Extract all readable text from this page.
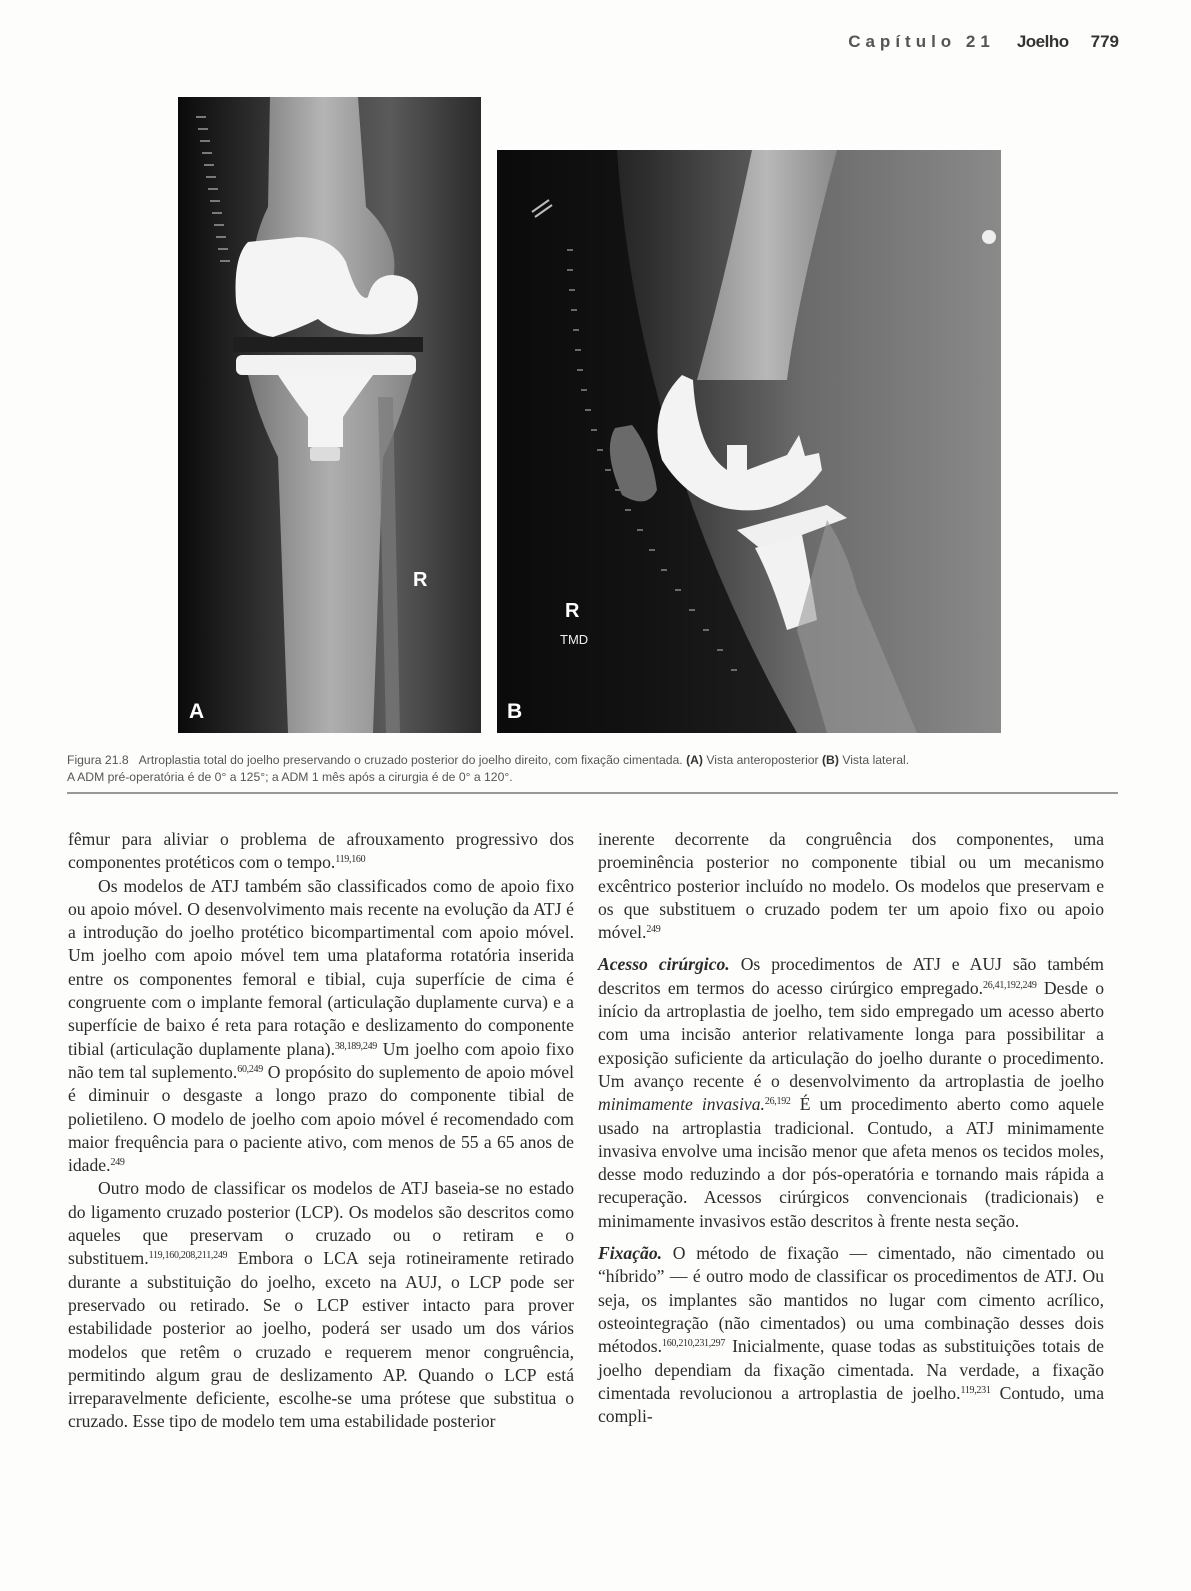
Capítulo 21 Joelho 779
R
A
R
TMD
B
Figura 21.8 Artroplastia total do joelho preservando o cruzado posterior do joelho direito, com fixação cimentada. (A) Vista anteroposterior (B) Vista lateral.
A ADM pré-operatória é de 0° a 125°; a ADM 1 mês após a cirurgia é de 0° a 120°.

fêmur para aliviar o problema de afrouxamento progressivo dos componentes protéticos com o tempo.$^{119,160}$

Os modelos de ATJ também são classificados como de apoio fixo ou apoio móvel. O desenvolvimento mais recente na evolução da ATJ é a introdução do joelho protético bicompartimental com apoio móvel. Um joelho com apoio móvel tem uma plataforma rotatória inserida entre os componentes femoral e tibial, cuja superfície de cima é congruente com o implante femoral (articulação duplamente curva) e a superfície de baixo é reta para rotação e deslizamento do componente tibial (articulação duplamente plana).$^{38,189,249}$ Um joelho com apoio fixo não tem tal suplemento.$^{60,249}$ O propósito do suplemento de apoio móvel é diminuir o desgaste a longo prazo do componente tibial de polietileno. O modelo de joelho com apoio móvel é recomendado com maior frequência para o paciente ativo, com menos de 55 a 65 anos de idade.$^{249}$

Outro modo de classificar os modelos de ATJ baseia-se no estado do ligamento cruzado posterior (LCP). Os modelos são descritos como aqueles que preservam o cruzado ou o retiram e o substituem.$^{119,160,208,211,249}$ Embora o LCA seja rotineiramente retirado durante a substituição do joelho, exceto na AUJ, o LCP pode ser preservado ou retirado. Se o LCP estiver intacto para prover estabilidade posterior ao joelho, poderá ser usado um dos vários modelos que retêm o cruzado e requerem menor congruência, permitindo algum grau de deslizamento AP. Quando o LCP está irreparavelmente deficiente, escolhe-se uma prótese que substitua o cruzado. Esse tipo de modelo tem uma estabilidade posterior

inerente decorrente da congruência dos componentes, uma proeminência posterior no componente tibial ou um mecanismo excêntrico posterior incluído no modelo. Os modelos que preservam e os que substituem o cruzado podem ter um apoio fixo ou apoio móvel.$^{249}$

Acesso cirúrgico. Os procedimentos de ATJ e AUJ são também descritos em termos do acesso cirúrgico empregado.$^{26,41,192,249}$ Desde o início da artroplastia de joelho, tem sido empregado um acesso aberto com uma incisão anterior relativamente longa para possibilitar a exposição suficiente da articulação do joelho durante o procedimento. Um avanço recente é o desenvolvimento da artroplastia de joelho minimamente invasiva.$^{26,192}$ É um procedimento aberto como aquele usado na artroplastia tradicional. Contudo, a ATJ minimamente invasiva envolve uma incisão menor que afeta menos os tecidos moles, desse modo reduzindo a dor pós-operatória e tornando mais rápida a recuperação. Acessos cirúrgicos convencionais (tradicionais) e minimamente invasivos estão descritos à frente nesta seção.

Fixação. O método de fixação — cimentado, não cimentado ou “híbrido” — é outro modo de classificar os procedimentos de ATJ. Ou seja, os implantes são mantidos no lugar com cimento acrílico, osteointegração (não cimentados) ou uma combinação desses dois métodos.$^{160,210,231,297}$ Inicialmente, quase todas as substituições totais de joelho dependiam da fixação cimentada. Na verdade, a fixação cimentada revolucionou a artroplastia de joelho.$^{119,231}$ Contudo, uma compli-
